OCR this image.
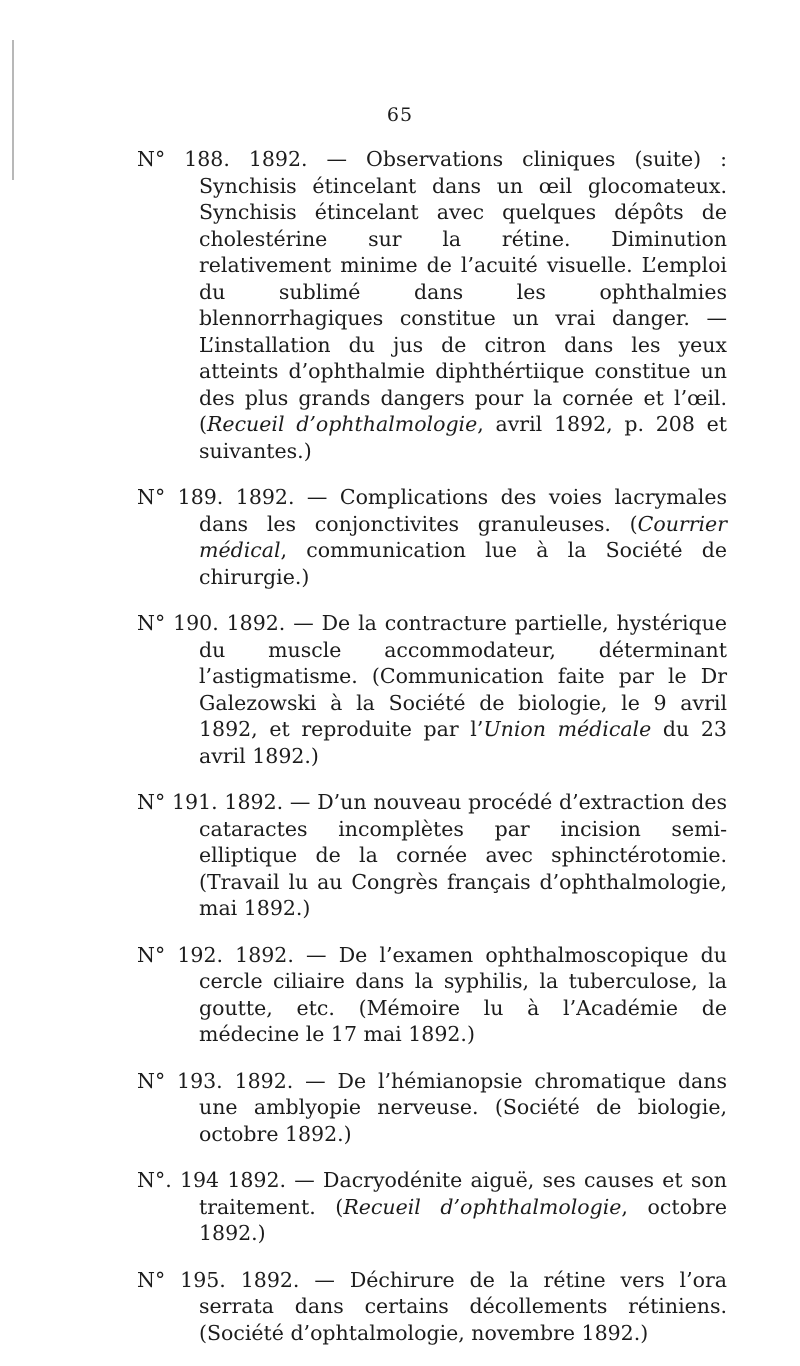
65

N° 188. 1892. — Observations cliniques (suite) : Synchisis étincelant dans un œil glocomateux. Synchisis étincelant avec quelques dépôts de cholestérine sur la rétine. Diminution relativement minime de l’acuité visuelle. L’emploi du sublimé dans les ophthalmies blennorrhagiques constitue un vrai danger. — L’installation du jus de citron dans les yeux atteints d’ophthalmie diphthértiique constitue un des plus grands dangers pour la cornée et l’œil. (Recueil d’ophthalmologie, avril 1892, p. 208 et suivantes.)

N° 189. 1892. — Complications des voies lacrymales dans les conjonctivites granuleuses. (Courrier médical, communication lue à la Société de chirurgie.)

N° 190. 1892. — De la contracture partielle, hystérique du muscle accommodateur, déterminant l’astigmatisme. (Communication faite par le Dr Galezowski à la Société de biologie, le 9 avril 1892, et reproduite par l’Union médicale du 23 avril 1892.)

N° 191. 1892. — D’un nouveau procédé d’extraction des cataractes incomplètes par incision semi-elliptique de la cornée avec sphinctérotomie. (Travail lu au Congrès français d’ophthalmologie, mai 1892.)

N° 192. 1892. — De l’examen ophthalmoscopique du cercle ciliaire dans la syphilis, la tuberculose, la goutte, etc. (Mémoire lu à l’Académie de médecine le 17 mai 1892.)

N° 193. 1892. — De l’hémianopsie chromatique dans une amblyopie nerveuse. (Société de biologie, octobre 1892.)

N°. 194 1892. — Dacryodénite aiguë, ses causes et son traitement. (Recueil d’ophthalmologie, octobre 1892.)

N° 195. 1892. — Déchirure de la rétine vers l’ora serrata dans certains décollements rétiniens. (Société d’ophtalmologie, novembre 1892.)
